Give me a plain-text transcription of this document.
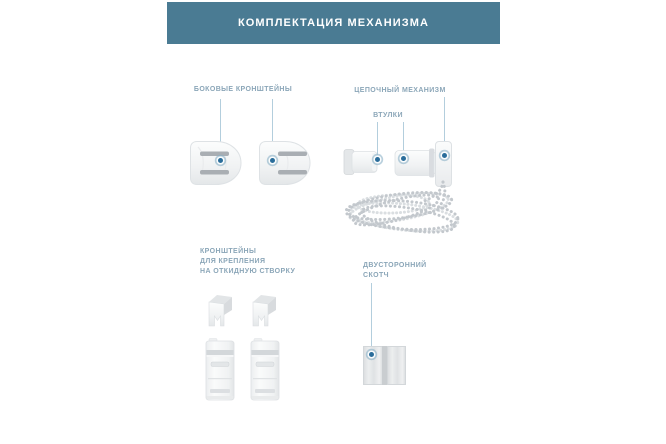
КОМПЛЕКТАЦИЯ МЕХАНИЗМА
БОКОВЫЕ КРОНШТЕЙНЫ	ЦЕПОЧНЫЙ МЕХАНИЗМ
ВТУЛКИ
КРОНШТЕЙНЫ
ДЛЯ КРЕПЛЕНИЯ
НА ОТКИДНУЮ СТВОРКУ
ДВУСТОРОННИЙ
СКОТЧ
